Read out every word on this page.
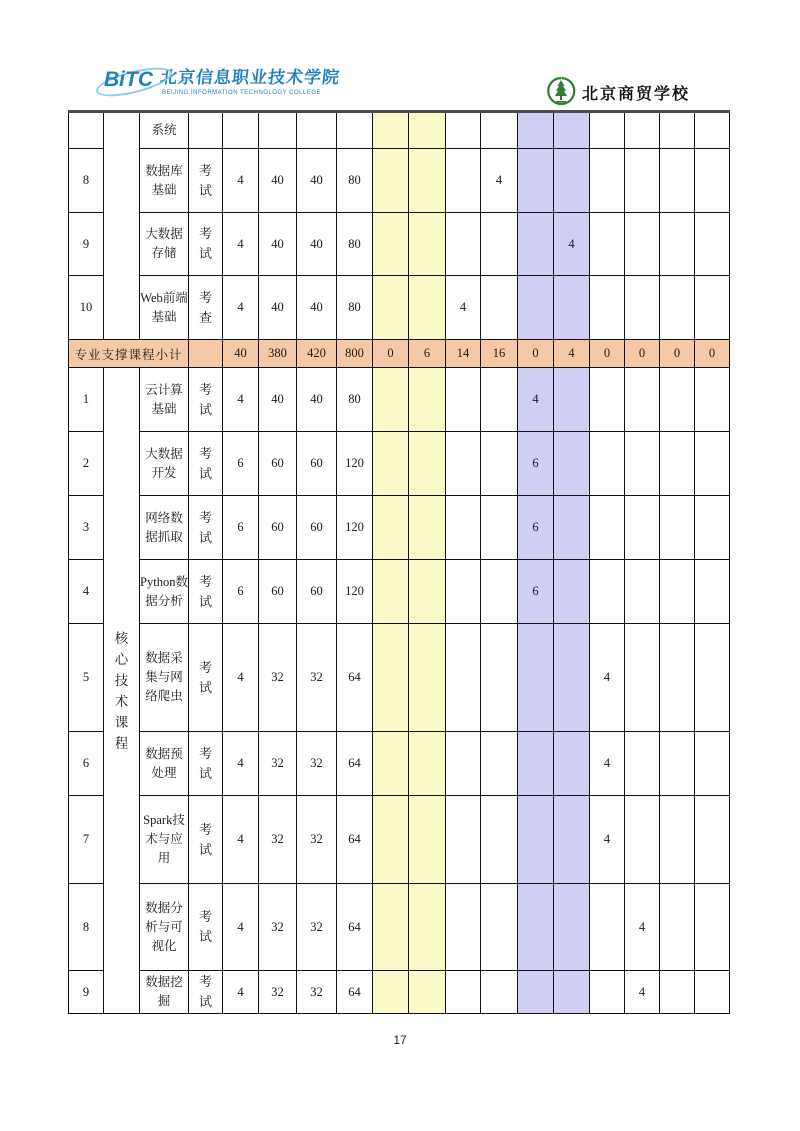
BiTC 北京信息职业技术学院
BEIJING INFORMATION TECHNOLOGY COLLEGE	北京商贸学校
		系统															
8		数据库基础	考试	4	40	40	80				4						
9		大数据存储	考试	4	40	40	80						4				
10		Web前端基础	考查	4	40	40	80			4							
专业支撑课程小计				40	380	420	800	0	6	14	16	0	4	0	0	0	0
1	核心技术课程	云计算基础	考试	4	40	40	80					4					
2		大数据开发	考试	6	60	60	120					6					
3		网络数据抓取	考试	6	60	60	120					6					
4		Python数据分析	考试	6	60	60	120					6					
5		数据采集与网络爬虫	考试	4	32	32	64							4			
6		数据预处理	考试	4	32	32	64							4			
7		Spark技术与应用	考试	4	32	32	64							4			
8		数据分析与可视化	考试	4	32	32	64								4		
9		数据挖掘	考试	4	32	32	64								4		
17
